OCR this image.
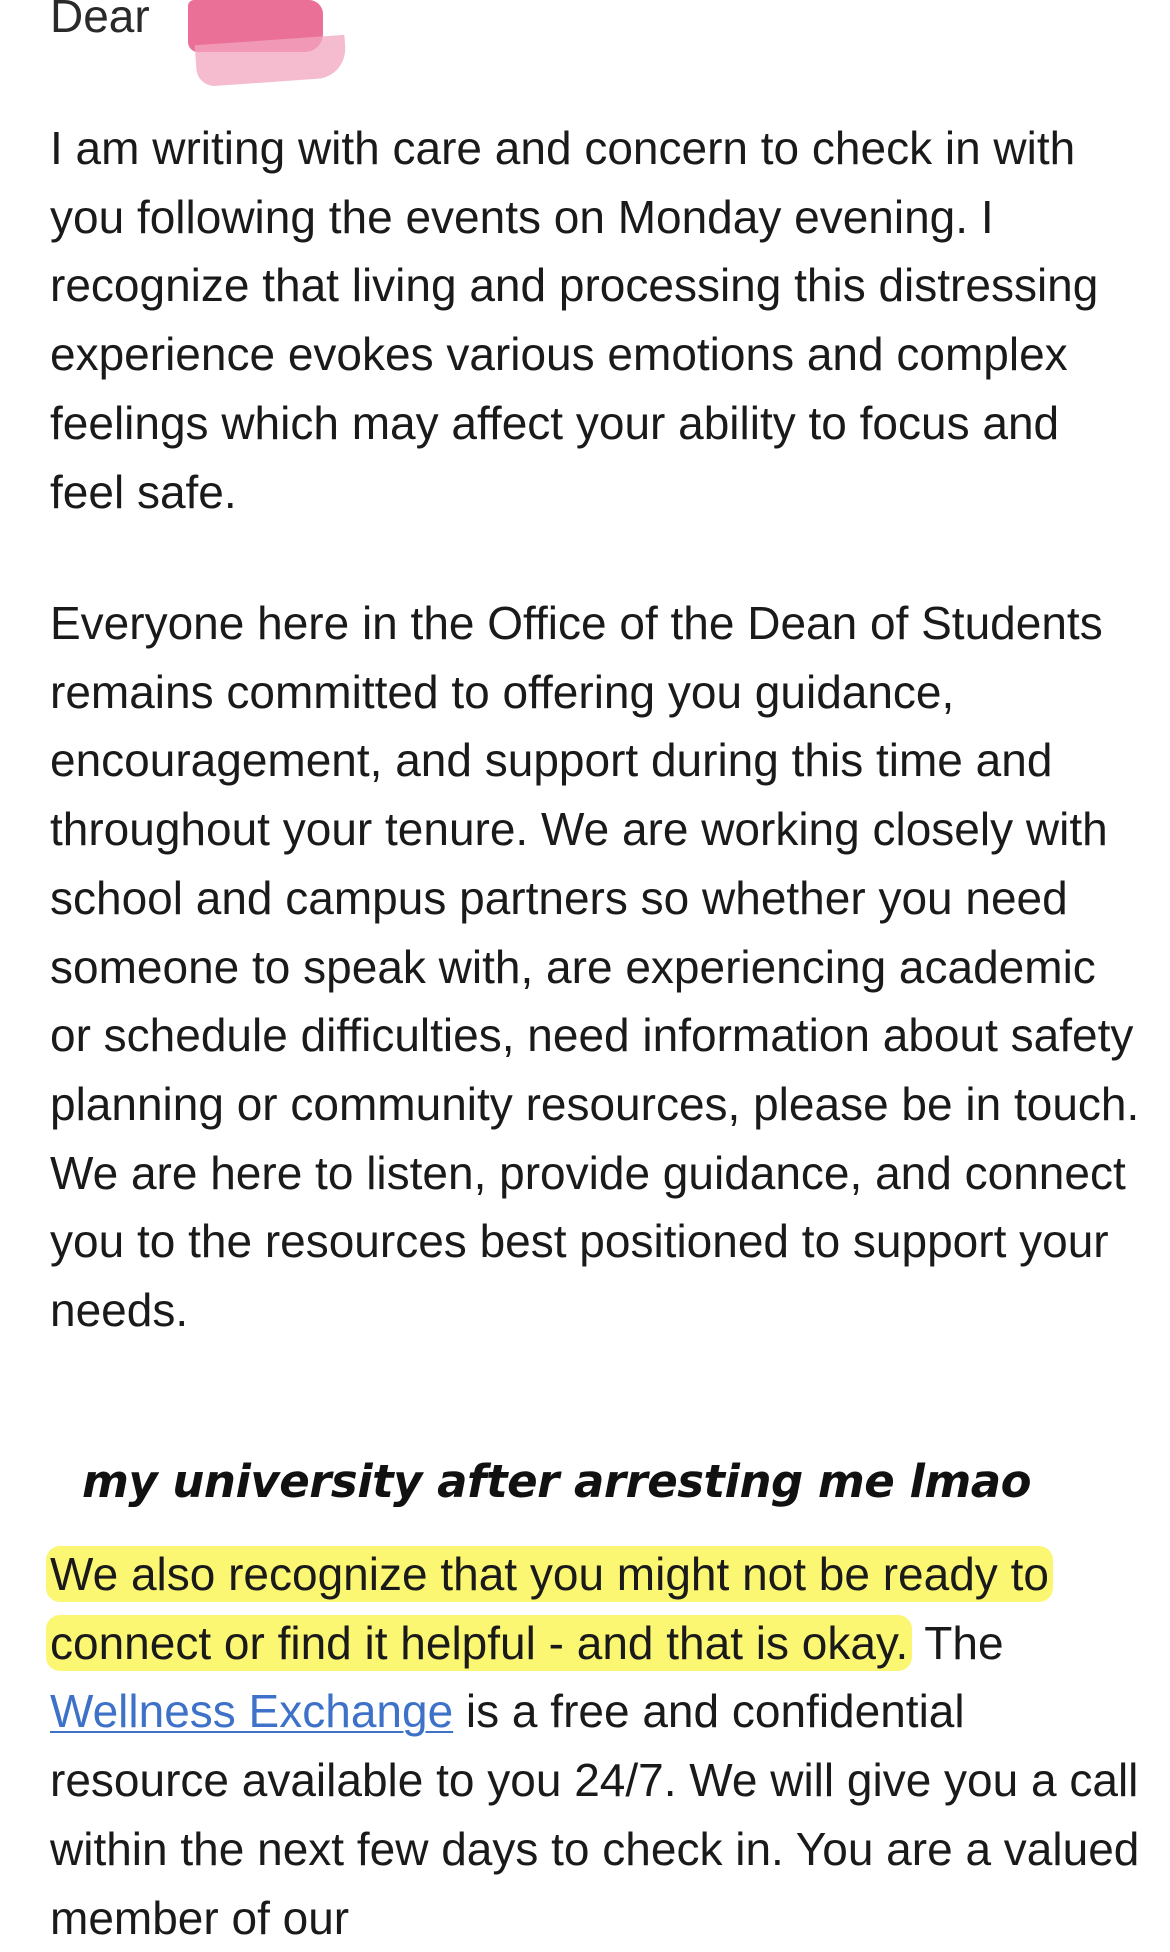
Dear

I am writing with care and concern to check in with you following the events on Monday evening. I recognize that living and processing this distressing experience evokes various emotions and complex feelings which may affect your ability to focus and feel safe.

Everyone here in the Office of the Dean of Students remains committed to offering you guidance, encouragement, and support during this time and throughout your tenure. We are working closely with school and campus partners so whether you need someone to speak with, are experiencing academic or schedule difficulties, need information about safety planning or community resources, please be in touch. We are here to listen, provide guidance, and connect you to the resources best positioned to support your needs.

my university after arresting me lmao

We also recognize that you might not be ready to connect or find it helpful - and that is okay. The Wellness Exchange is a free and confidential resource available to you 24/7. We will give you a call within the next few days to check in. You are a valued member of our
